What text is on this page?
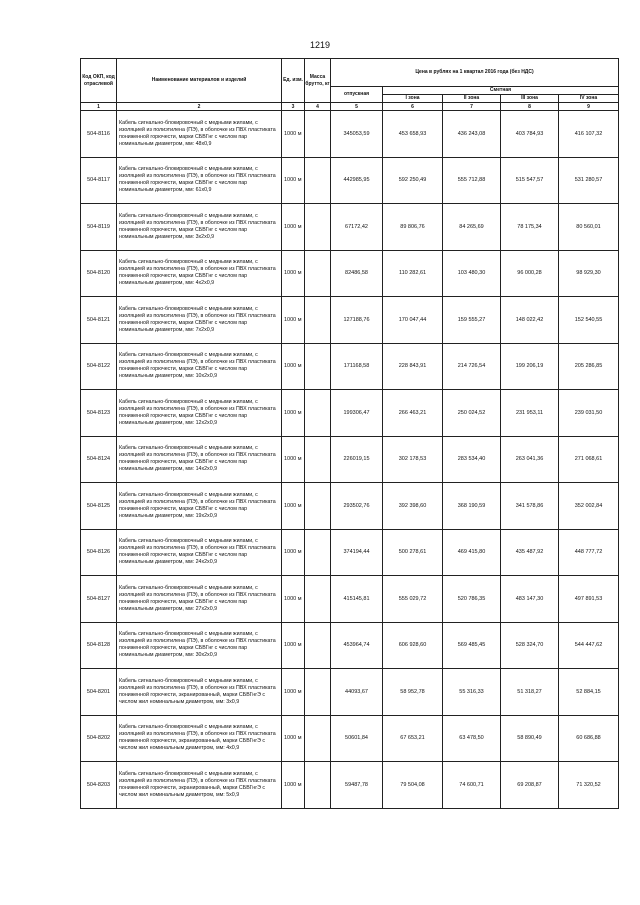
1219
Код ОКП, код отраслевой	Наименование материалов и изделий	Ед. изм.	Масса брутто, кг	Цена в рублях на 1 квартал 2016 года (без НДС)				
				отпускная	Сметная			
					I зона	II зона	III зона	IV зона
1	2	3	4	5	6	7	8	9
504-8116	Кабель сигнально-блокировочный с медными жилами, с изоляцией из полиэтилена (ПЭ), в оболочке из ПВХ пластиката пониженной горючести, марки СБВГнг с числом пар номинальным диаметром, мм: 48х0,9	1000 м		345053,59	453 658,93	436 243,08	403 784,93	416 107,32
504-8117	Кабель сигнально-блокировочный с медными жилами, с изоляцией из полиэтилена (ПЭ), в оболочке из ПВХ пластиката пониженной горючести, марки СБВГнг с числом пар номинальным диаметром, мм: 61х0,9	1000 м		442985,95	592 250,49	555 712,88	515 547,57	531 280,57
504-8119	Кабель сигнально-блокировочный с медными жилами, с изоляцией из полиэтилена (ПЭ), в оболочке из ПВХ пластиката пониженной горючести, марки СБВГнг с числом пар номинальным диаметром, мм: 3х2х0,9	1000 м		67172,42	89 806,76	84 265,69	78 175,34	80 560,01
504-8120	Кабель сигнально-блокировочный с медными жилами, с изоляцией из полиэтилена (ПЭ), в оболочке из ПВХ пластиката пониженной горючести, марки СБВГнг с числом пар номинальным диаметром, мм: 4х2х0,9	1000 м		82486,58	110 282,61	103 480,30	96 000,28	98 929,30
504-8121	Кабель сигнально-блокировочный с медными жилами, с изоляцией из полиэтилена (ПЭ), в оболочке из ПВХ пластиката пониженной горючести, марки СБВГнг с числом пар номинальным диаметром, мм: 7х2х0,9	1000 м		127188,76	170 047,44	159 555,27	148 022,42	152 540,55
504-8122	Кабель сигнально-блокировочный с медными жилами, с изоляцией из полиэтилена (ПЭ), в оболочке из ПВХ пластиката пониженной горючести, марки СБВГнг с числом пар номинальным диаметром, мм: 10х2х0,9	1000 м		171168,58	228 843,91	214 726,54	199 206,19	205 286,85
504-8123	Кабель сигнально-блокировочный с медными жилами, с изоляцией из полиэтилена (ПЭ), в оболочке из ПВХ пластиката пониженной горючести, марки СБВГнг с числом пар номинальным диаметром, мм: 12х2х0,9	1000 м		199306,47	266 463,21	250 024,52	231 953,11	239 031,50
504-8124	Кабель сигнально-блокировочный с медными жилами, с изоляцией из полиэтилена (ПЭ), в оболочке из ПВХ пластиката пониженной горючести, марки СБВГнг с числом пар номинальным диаметром, мм: 14х2х0,9	1000 м		226019,15	302 178,53	283 534,40	263 041,36	271 068,61
504-8125	Кабель сигнально-блокировочный с медными жилами, с изоляцией из полиэтилена (ПЭ), в оболочке из ПВХ пластиката пониженной горючести, марки СБВГнг с числом пар номинальным диаметром, мм: 19х2х0,9	1000 м		293502,76	392 398,60	368 190,59	341 578,86	352 002,84
504-8126	Кабель сигнально-блокировочный с медными жилами, с изоляцией из полиэтилена (ПЭ), в оболочке из ПВХ пластиката пониженной горючести, марки СБВГнг с числом пар номинальным диаметром, мм: 24х2х0,9	1000 м		374194,44	500 278,61	469 415,80	435 487,92	448 777,72
504-8127	Кабель сигнально-блокировочный с медными жилами, с изоляцией из полиэтилена (ПЭ), в оболочке из ПВХ пластиката пониженной горючести, марки СБВГнг с числом пар номинальным диаметром, мм: 27х2х0,9	1000 м		415145,81	555 029,72	520 786,35	483 147,30	497 891,53
504-8128	Кабель сигнально-блокировочный с медными жилами, с изоляцией из полиэтилена (ПЭ), в оболочке из ПВХ пластиката пониженной горючести, марки СБВГнг с числом пар номинальным диаметром, мм: 30х2х0,9	1000 м		453964,74	606 928,60	569 485,45	528 324,70	544 447,62
504-8201	Кабель сигнально-блокировочный с медными жилами, с изоляцией из полиэтилена (ПЭ), в оболочке из ПВХ пластиката пониженной горючести, экранированный, марки СБВГнгЭ с числом жил номинальным диаметром, мм: 3х0,9	1000 м		44093,67	58 952,78	55 316,33	51 318,27	52 884,15
504-8202	Кабель сигнально-блокировочный с медными жилами, с изоляцией из полиэтилена (ПЭ), в оболочке из ПВХ пластиката пониженной горючести, экранированный, марки СБВГнгЭ с числом жил номинальным диаметром, мм: 4х0,9	1000 м		50601,84	67 653,21	63 478,50	58 890,49	60 686,88
504-8203	Кабель сигнально-блокировочный с медными жилами, с изоляцией из полиэтилена (ПЭ), в оболочке из ПВХ пластиката пониженной горючести, экранированный, марки СБВГнгЭ с числом жил номинальным диаметром, мм: 5х0,9	1000 м		59487,78	79 504,08	74 600,71	69 208,87	71 320,52
